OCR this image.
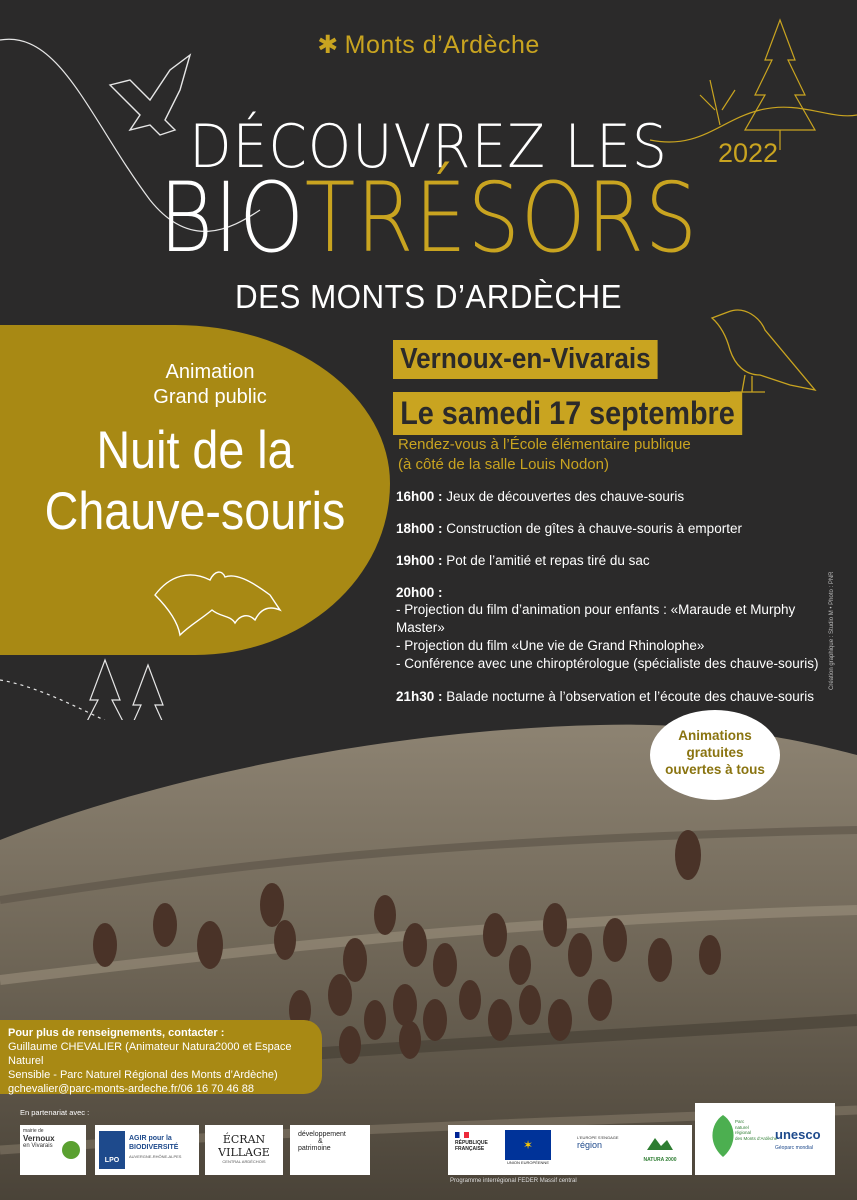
✱ Monts d’Ardèche
2022
DÉCOUVREZ LES
BIOTRÉSORS
DES MONTS D’ARDÈCHE
Animation
Grand public
Nuit de la
Chauve-souris
Vernoux-en-Vivarais
Le samedi 17 septembre
Rendez-vous à l’École élémentaire publique
(à côté de la salle Louis Nodon)
16h00 : Jeux de découvertes des chauve-souris
18h00 : Construction de gîtes à chauve-souris à emporter
19h00 : Pot de l’amitié et repas tiré du sac
20h00 :
- Projection du film d’animation pour enfants : «Maraude et Murphy Master»
- Projection du film «Une vie de Grand Rhinolophe»
- Conférence avec une chiroptérologue (spécialiste des chauve-souris)
21h30 : Balade nocturne à l’observation et l’écoute des chauve-souris
Création graphique : Studio M • Photo : PNR
Animations
gratuites
ouvertes à tous
Pour plus de renseignements, contacter :
Guillaume CHEVALIER (Animateur Natura2000 et Espace Naturel
Sensible - Parc Naturel Régional des Monts d’Ardèche)
gchevalier@parc-monts-ardeche.fr/06 16 70 46 88
En partenariat avec :
mairie de
Vernoux
en Vivarais
LPO
AGIR pour la
BIODIVERSITÉ
AUVERGNE-RHÔNE-ALPES
ÉCRAN
VILLAGE
CENTRAL ARDÉCHOIS
développement
&
patrimoine
RÉPUBLIQUE
FRANÇAISE	✶
UNION EUROPÉENNE
L’EUROPE S’ENGAGE
région
NATURA 2000
Programme interrégional FEDER Massif central
Parc
naturel
régional
des Monts d’Ardèche
unesco
Géoparc mondial
